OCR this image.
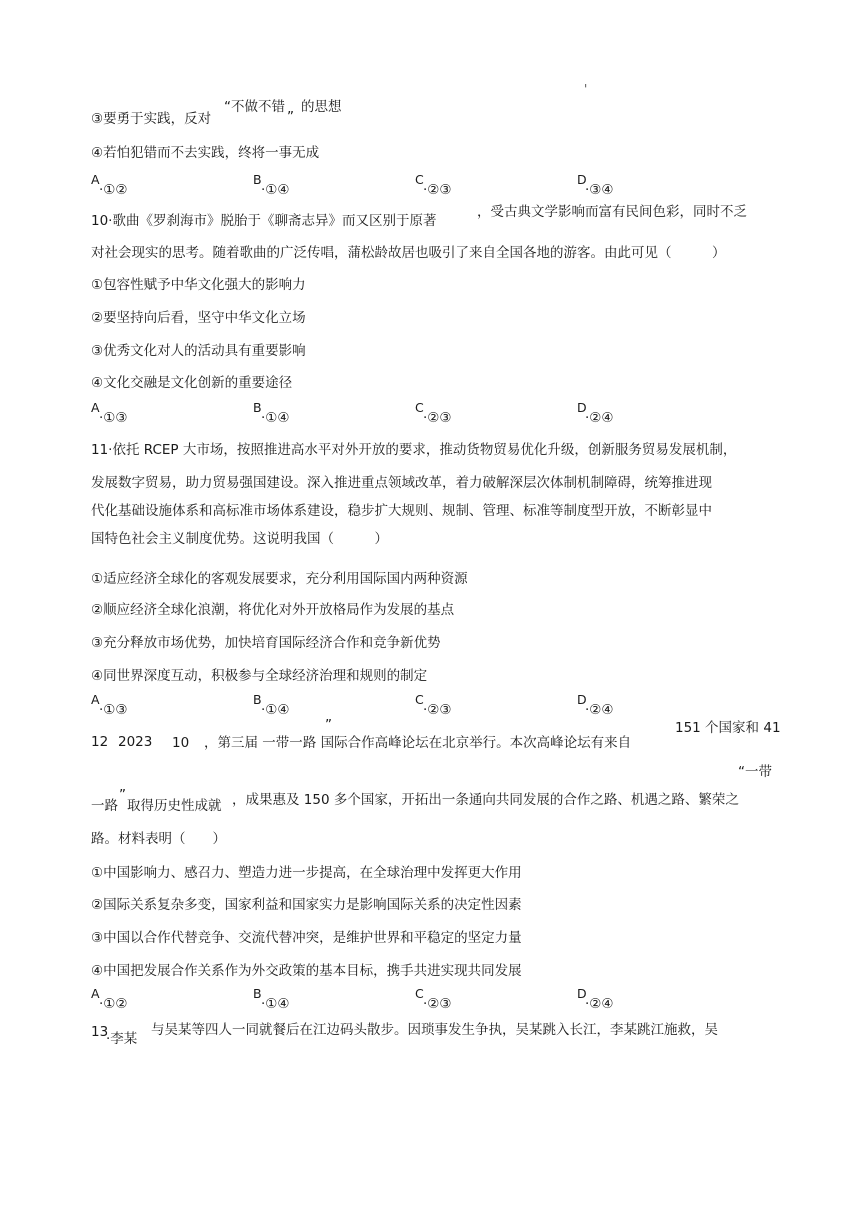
'
“不做不错 的思想
③要勇于实践，反对	”
④若怕犯错而不去实践，终将一事无成
A
·①②
B
·①④
C
·②③
D
·③④
10·歌曲《罗刹海市》脱胎于《聊斋志异》而又区别于原著
，受古典文学影响而富有民间色彩，同时不乏
对社会现实的思考。随着歌曲的广泛传唱，蒲松龄故居也吸引了来自全国各地的游客。由此可见（　　　）
①包容性赋予中华文化强大的影响力
②要坚持向后看，坚守中华文化立场
③优秀文化对人的活动具有重要影响
④文化交融是文化创新的重要途径
A
·①③
B
·①④
C
·②③
D
·②④
11·依托 RCEP 大市场，按照推进高水平对外开放的要求，推动货物贸易优化升级，创新服务贸易发展机制，
发展数字贸易，助力贸易强国建设。深入推进重点领域改革，着力破解深层次体制机制障碍，统筹推进现
代化基础设施体系和高标准市场体系建设，稳步扩大规则、规制、管理、标准等制度型开放，不断彰显中
国特色社会主义制度优势。这说明我国（　　　）
①适应经济全球化的客观发展要求，充分利用国际国内两种资源
②顺应经济全球化浪潮，将优化对外开放格局作为发展的基点
③充分释放市场优势，加快培育国际经济合作和竞争新优势
④同世界深度互动，积极参与全球经济治理和规则的制定
A
·①③
B
·①④
C
·②③
D
·②④
”
12 2023 10 ，第三届 一带一路 国际合作高峰论坛在北京举行。本次高峰论坛有来自
151 个国家和 41
“一带
一路
”
取得历史性成就 ，成果惠及 150 多个国家，开拓出一条通向共同发展的合作之路、机遇之路、繁荣之
路。材料表明（　　）
①中国影响力、感召力、塑造力进一步提高，在全球治理中发挥更大作用
②国际关系复杂多变，国家利益和国家实力是影响国际关系的决定性因素
③中国以合作代替竞争、交流代替冲突，是维护世界和平稳定的坚定力量
④中国把发展合作关系作为外交政策的基本目标，携手共进实现共同发展
A
·①②
B
·①④
C
·②③
D
·②④
13
·李某
与吴某等四人一同就餐后在江边码头散步。因琐事发生争执，吴某跳入长江，李某跳江施救，吴
